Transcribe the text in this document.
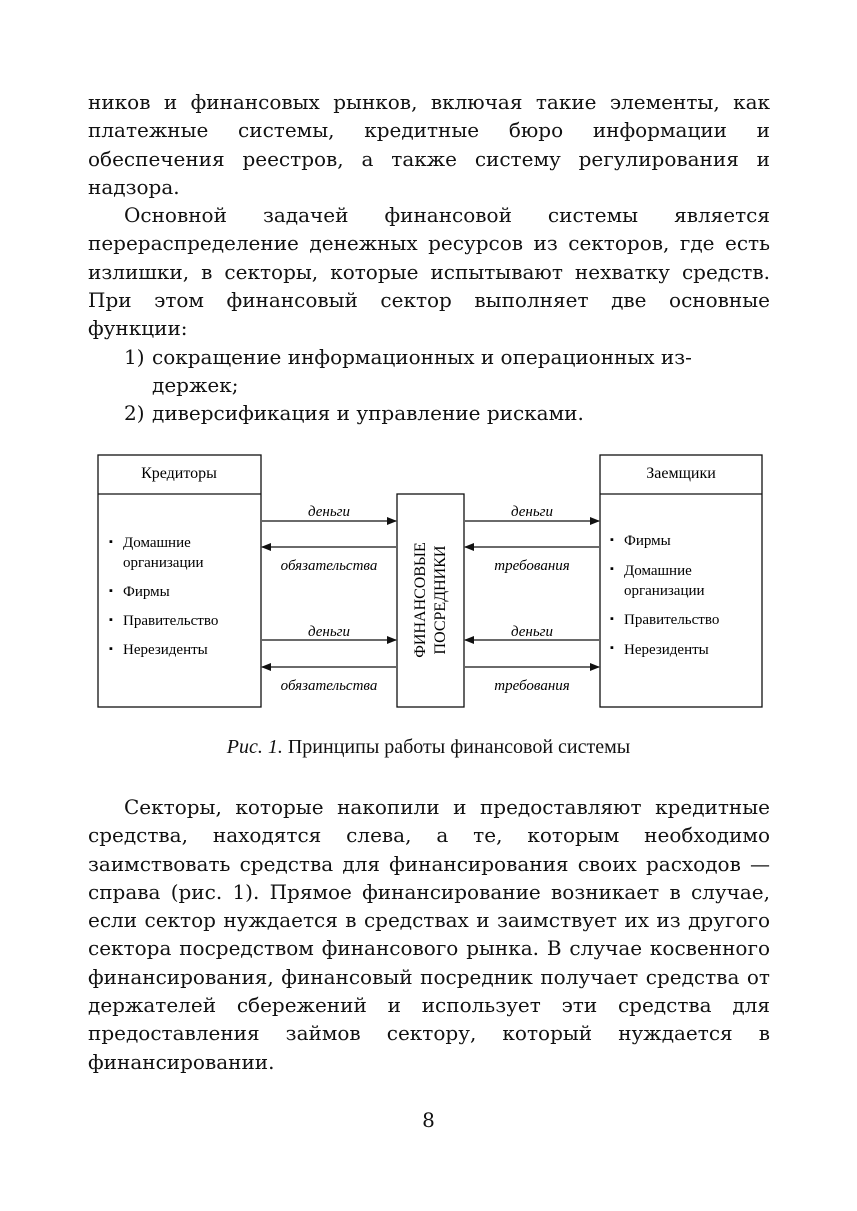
ников и финансовых рынков, включая такие элементы, как платежные системы, кредитные бюро информации и обеспечения реестров, а также систему регулирования и надзора.

Основной задачей финансовой системы является перераспределение денежных ресурсов из секторов, где есть излишки, в секторы, которые испытывают нехватку средств. При этом финансовый сектор выполняет две основные функции:

1) сокращение информационных и операционных из-
держек;
2) диверсификация и управление рисками.
Кредиторы
▪ Домашние
организации
▪ Фирмы
▪ Правительство
▪ Нерезиденты	ФИНАНСОВЫЕ ПОСРЕДНИКИ
Заемщики
▪ Фирмы
▪ Домашние
организации
▪ Правительство
▪ Нерезиденты
деньги
обязательства
деньги
обязательства
деньги
требования
деньги
требования
Рис. 1. Принципы работы финансовой системы

Секторы, которые накопили и предоставляют кредитные средства, находятся слева, а те, которым необходимо заимствовать средства для финансирования своих расходов — справа (рис. 1). Прямое финансирование возникает в случае, если сектор нуждается в средствах и заимствует их из другого сектора посредством финансового рынка. В случае косвенного финансирования, финансовый посредник получает средства от держателей сбережений и использует эти средства для предоставления займов сектору, который нуждается в финансировании.

8
